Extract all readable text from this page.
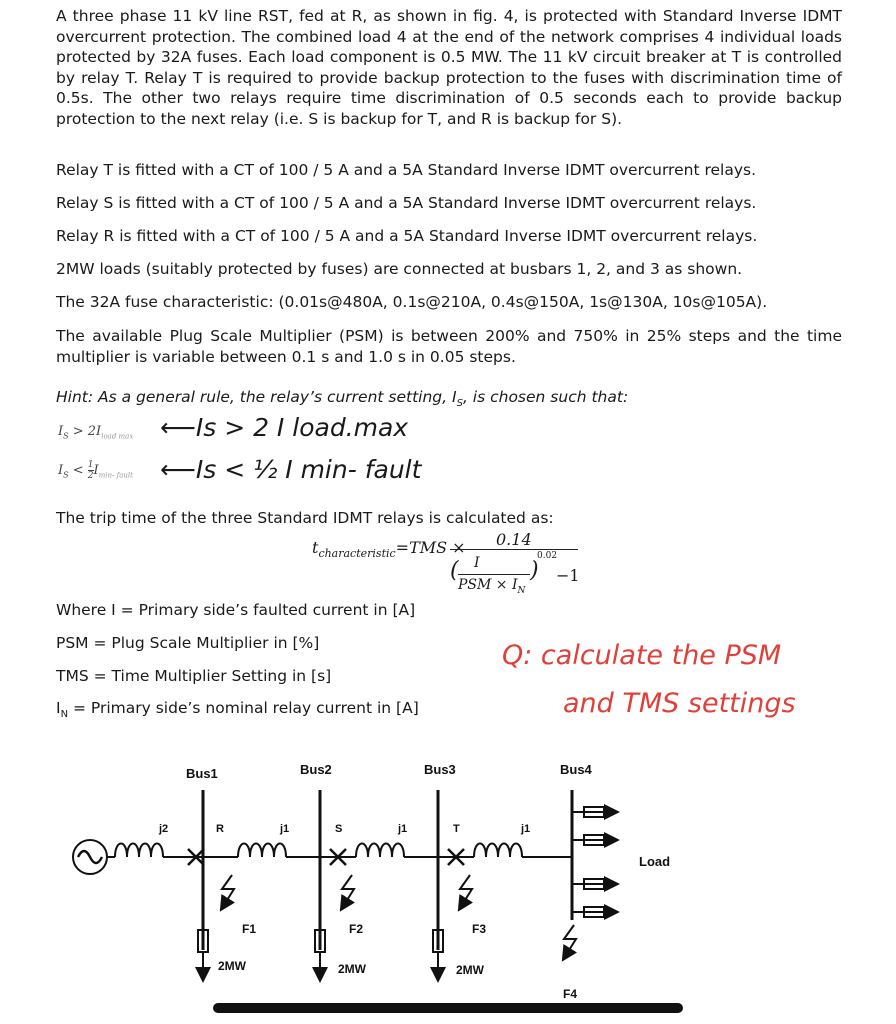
A three phase 11 kV line RST, fed at R, as shown in fig. 4, is protected with Standard Inverse IDMT overcurrent protection. The combined load 4 at the end of the network comprises 4 individual loads protected by 32A fuses. Each load component is 0.5 MW. The 11 kV circuit breaker at T is controlled by relay T. Relay T is required to provide backup protection to the fuses with discrimination time of 0.5s. The other two relays require time discrimination of 0.5 seconds each to provide backup protection to the next relay (i.e. S is backup for T, and R is backup for S).

Relay T is fitted with a CT of 100 / 5 A and a 5A Standard Inverse IDMT overcurrent relays.

Relay S is fitted with a CT of 100 / 5 A and a 5A Standard Inverse IDMT overcurrent relays.

Relay R is fitted with a CT of 100 / 5 A and a 5A Standard Inverse IDMT overcurrent relays.

2MW loads (suitably protected by fuses) are connected at busbars 1, 2, and 3 as shown.

The 32A fuse characteristic: (0.01s@480A, 0.1s@210A, 0.4s@150A, 1s@130A, 10s@105A).

The available Plug Scale Multiplier (PSM) is between 200% and 750% in 25% steps and the time multiplier is variable between 0.1 s and 1.0 s in 0.05 steps.

Hint: As a general rule, the relay’s current setting, $I_S$, is chosen such that:

$I_S > 2I_{load max}$ ⟵Is > 2 I load.max
$I_S < \frac{1}{2} I_{min- fault}$ ⟵Is < ½ I min- fault

The trip time of the three Standard IDMT relays is calculated as:

$t_{characteristic}=TMS \times 0.14$
( I
PSM × $I_N$
)
0.02
−1

Where I = Primary side’s faulted current in [A]

PSM = Plug Scale Multiplier in [%]

TMS = Time Multiplier Setting in [s]

$I_N$ = Primary side’s nominal relay current in [A]

Q: calculate the PSM
and TMS settings
Bus1	Bus2	Bus3	Bus4
j2	j1	j1	j1
R	S	T
F1	F2	F3
F4
2MW	2MW	2MW
Load
